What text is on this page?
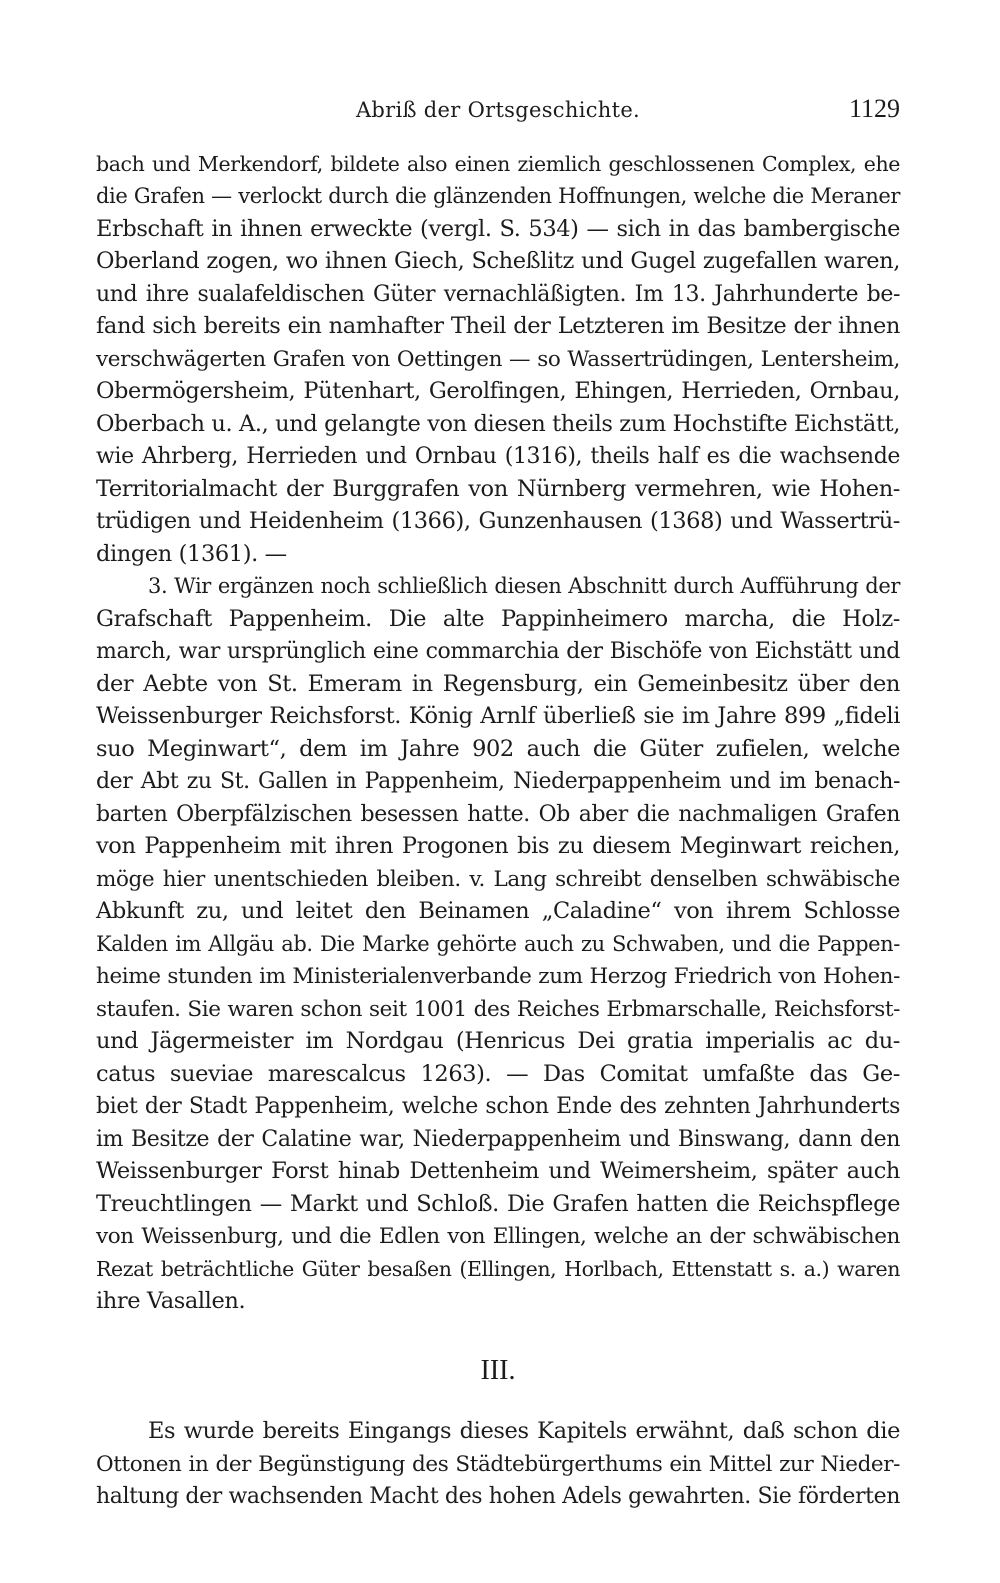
Abriß der Ortsgeschichte.	1129
bach und Merkendorf, bildete also einen ziemlich geschlossenen Complex, ehe
die Grafen — verlockt durch die glänzenden Hoffnungen, welche die Meraner
Erbschaft in ihnen erweckte (vergl. S. 534) — sich in das bambergische
Oberland zogen, wo ihnen Giech, Scheßlitz und Gugel zugefallen waren,
und ihre sualafeldischen Güter vernachläßigten. Im 13. Jahrhunderte be-
fand sich bereits ein namhafter Theil der Letzteren im Besitze der ihnen
verschwägerten Grafen von Oettingen — so Wassertrüdingen, Lentersheim,
Obermögersheim, Pütenhart, Gerolfingen, Ehingen, Herrieden, Ornbau,
Oberbach u. A., und gelangte von diesen theils zum Hochstifte Eichstätt,
wie Ahrberg, Herrieden und Ornbau (1316), theils half es die wachsende
Territorialmacht der Burggrafen von Nürnberg vermehren, wie Hohen-
trüdigen und Heidenheim (1366), Gunzenhausen (1368) und Wassertrü-
dingen (1361). —
3. Wir ergänzen noch schließlich diesen Abschnitt durch Aufführung der
Grafschaft Pappenheim. Die alte Pappinheimero marcha, die Holz-
march, war ursprünglich eine commarchia der Bischöfe von Eichstätt und
der Aebte von St. Emeram in Regensburg, ein Gemeinbesitz über den
Weissenburger Reichsforst. König Arnlf überließ sie im Jahre 899 „fideli
suo Meginwart“, dem im Jahre 902 auch die Güter zufielen, welche
der Abt zu St. Gallen in Pappenheim, Niederpappenheim und im benach-
barten Oberpfälzischen besessen hatte. Ob aber die nachmaligen Grafen
von Pappenheim mit ihren Progonen bis zu diesem Meginwart reichen,
möge hier unentschieden bleiben. v. Lang schreibt denselben schwäbische
Abkunft zu, und leitet den Beinamen „Caladine“ von ihrem Schlosse
Kalden im Allgäu ab. Die Marke gehörte auch zu Schwaben, und die Pappen-
heime stunden im Ministerialenverbande zum Herzog Friedrich von Hohen-
staufen. Sie waren schon seit 1001 des Reiches Erbmarschalle, Reichsforst-
und Jägermeister im Nordgau (Henricus Dei gratia imperialis ac du-
catus sueviae marescalcus 1263). — Das Comitat umfaßte das Ge-
biet der Stadt Pappenheim, welche schon Ende des zehnten Jahrhunderts
im Besitze der Calatine war, Niederpappenheim und Binswang, dann den
Weissenburger Forst hinab Dettenheim und Weimersheim, später auch
Treuchtlingen — Markt und Schloß. Die Grafen hatten die Reichspflege
von Weissenburg, und die Edlen von Ellingen, welche an der schwäbischen
Rezat beträchtliche Güter besaßen (Ellingen, Horlbach, Ettenstatt s. a.) waren
ihre Vasallen.
III.
Es wurde bereits Eingangs dieses Kapitels erwähnt, daß schon die
Ottonen in der Begünstigung des Städtebürgerthums ein Mittel zur Nieder-
haltung der wachsenden Macht des hohen Adels gewahrten. Sie förderten
